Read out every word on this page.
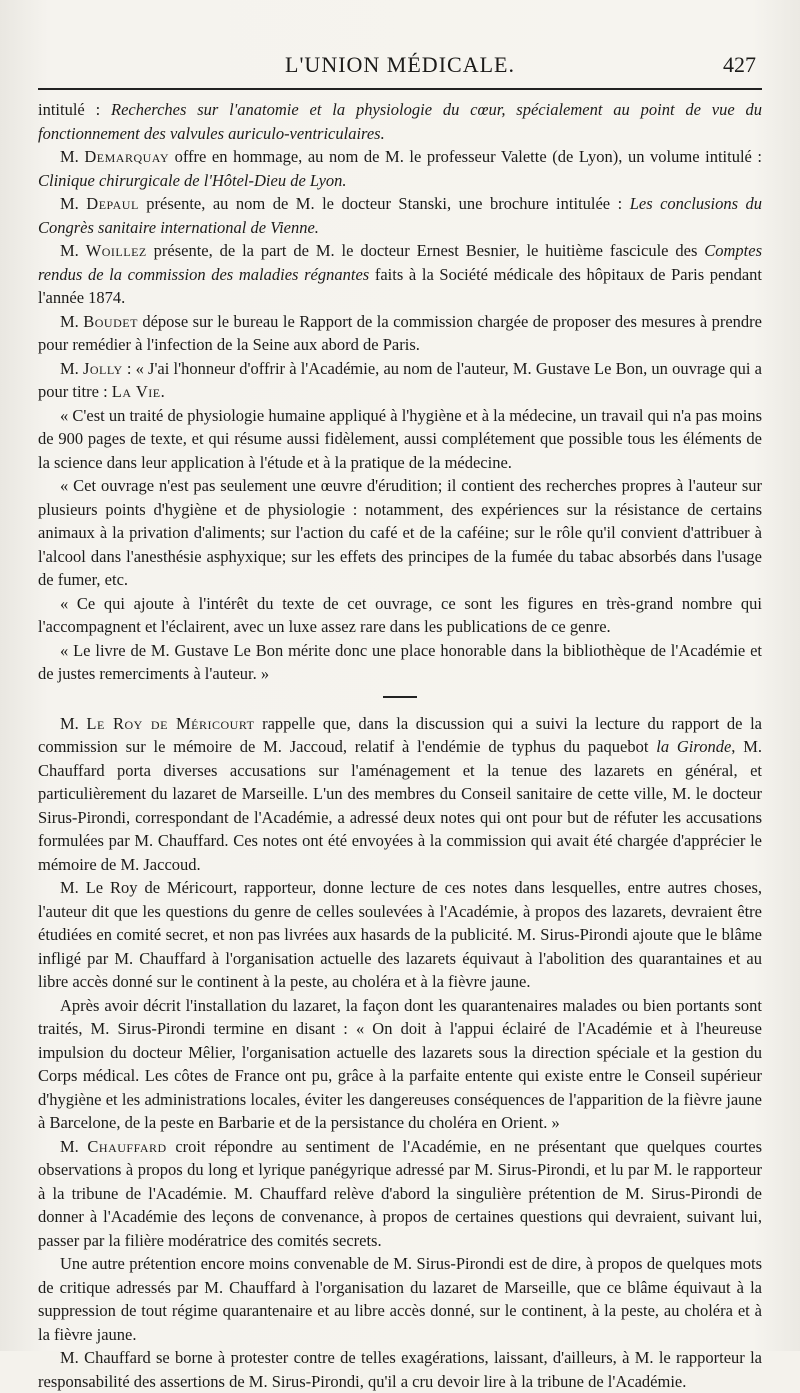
L'UNION MÉDICALE.	427

intitulé : Recherches sur l'anatomie et la physiologie du cœur, spécialement au point de vue du fonctionnement des valvules auriculo-ventriculaires.

M. Demarquay offre en hommage, au nom de M. le professeur Valette (de Lyon), un volume intitulé : Clinique chirurgicale de l'Hôtel-Dieu de Lyon.

M. Depaul présente, au nom de M. le docteur Stanski, une brochure intitulée : Les conclusions du Congrès sanitaire international de Vienne.

M. Woillez présente, de la part de M. le docteur Ernest Besnier, le huitième fascicule des Comptes rendus de la commission des maladies régnantes faits à la Société médicale des hôpitaux de Paris pendant l'année 1874.

M. Boudet dépose sur le bureau le Rapport de la commission chargée de proposer des mesures à prendre pour remédier à l'infection de la Seine aux abord de Paris.

M. Jolly : « J'ai l'honneur d'offrir à l'Académie, au nom de l'auteur, M. Gustave Le Bon, un ouvrage qui a pour titre : La Vie.

« C'est un traité de physiologie humaine appliqué à l'hygiène et à la médecine, un travail qui n'a pas moins de 900 pages de texte, et qui résume aussi fidèlement, aussi complétement que possible tous les éléments de la science dans leur application à l'étude et à la pratique de la médecine.

« Cet ouvrage n'est pas seulement une œuvre d'érudition; il contient des recherches propres à l'auteur sur plusieurs points d'hygiène et de physiologie : notamment, des expériences sur la résistance de certains animaux à la privation d'aliments; sur l'action du café et de la caféine; sur le rôle qu'il convient d'attribuer à l'alcool dans l'anesthésie asphyxique; sur les effets des principes de la fumée du tabac absorbés dans l'usage de fumer, etc.

« Ce qui ajoute à l'intérêt du texte de cet ouvrage, ce sont les figures en très-grand nombre qui l'accompagnent et l'éclairent, avec un luxe assez rare dans les publications de ce genre.

« Le livre de M. Gustave Le Bon mérite donc une place honorable dans la bibliothèque de l'Académie et de justes remerciments à l'auteur. »

M. Le Roy de Méricourt rappelle que, dans la discussion qui a suivi la lecture du rapport de la commission sur le mémoire de M. Jaccoud, relatif à l'endémie de typhus du paquebot la Gironde, M. Chauffard porta diverses accusations sur l'aménagement et la tenue des lazarets en général, et particulièrement du lazaret de Marseille. L'un des membres du Conseil sanitaire de cette ville, M. le docteur Sirus-Pirondi, correspondant de l'Académie, a adressé deux notes qui ont pour but de réfuter les accusations formulées par M. Chauffard. Ces notes ont été envoyées à la commission qui avait été chargée d'apprécier le mémoire de M. Jaccoud.

M. Le Roy de Méricourt, rapporteur, donne lecture de ces notes dans lesquelles, entre autres choses, l'auteur dit que les questions du genre de celles soulevées à l'Académie, à propos des lazarets, devraient être étudiées en comité secret, et non pas livrées aux hasards de la publicité. M. Sirus-Pirondi ajoute que le blâme infligé par M. Chauffard à l'organisation actuelle des lazarets équivaut à l'abolition des quarantaines et au libre accès donné sur le continent à la peste, au choléra et à la fièvre jaune.

Après avoir décrit l'installation du lazaret, la façon dont les quarantenaires malades ou bien portants sont traités, M. Sirus-Pirondi termine en disant : « On doit à l'appui éclairé de l'Académie et à l'heureuse impulsion du docteur Mêlier, l'organisation actuelle des lazarets sous la direction spéciale et la gestion du Corps médical. Les côtes de France ont pu, grâce à la parfaite entente qui existe entre le Conseil supérieur d'hygiène et les administrations locales, éviter les dangereuses conséquences de l'apparition de la fièvre jaune à Barcelone, de la peste en Barbarie et de la persistance du choléra en Orient. »

M. Chauffard croit répondre au sentiment de l'Académie, en ne présentant que quelques courtes observations à propos du long et lyrique panégyrique adressé par M. Sirus-Pirondi, et lu par M. le rapporteur à la tribune de l'Académie. M. Chauffard relève d'abord la singulière prétention de M. Sirus-Pirondi de donner à l'Académie des leçons de convenance, à propos de certaines questions qui devraient, suivant lui, passer par la filière modératrice des comités secrets.

Une autre prétention encore moins convenable de M. Sirus-Pirondi est de dire, à propos de quelques mots de critique adressés par M. Chauffard à l'organisation du lazaret de Marseille, que ce blâme équivaut à la suppression de tout régime quarantenaire et au libre accès donné, sur le continent, à la peste, au choléra et à la fièvre jaune.

M. Chauffard se borne à protester contre de telles exagérations, laissant, d'ailleurs, à M. le rapporteur la responsabilité des assertions de M. Sirus-Pirondi, qu'il a cru devoir lire à la tribune de l'Académie.
